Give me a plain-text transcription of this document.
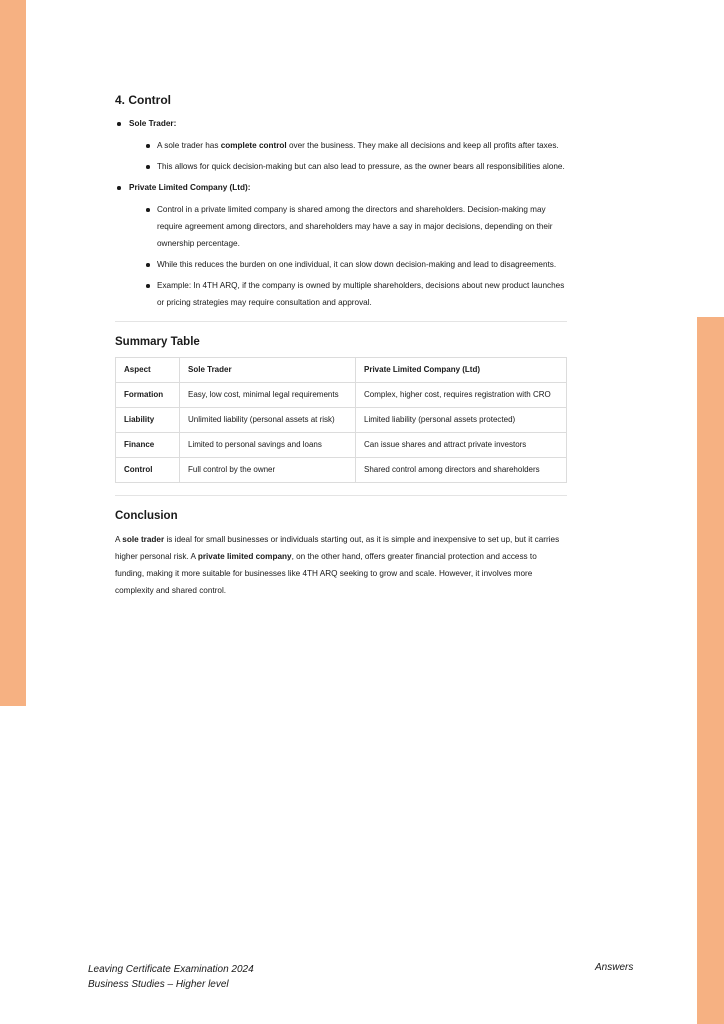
4. Control
Sole Trader:
A sole trader has complete control over the business. They make all decisions and keep all profits after taxes.
This allows for quick decision-making but can also lead to pressure, as the owner bears all responsibilities alone.
Private Limited Company (Ltd):
Control in a private limited company is shared among the directors and shareholders. Decision-making may require agreement among directors, and shareholders may have a say in major decisions, depending on their ownership percentage.
While this reduces the burden on one individual, it can slow down decision-making and lead to disagreements.
Example: In 4TH ARQ, if the company is owned by multiple shareholders, decisions about new product launches or pricing strategies may require consultation and approval.
Summary Table
Aspect	Sole Trader	Private Limited Company (Ltd)
Formation	Easy, low cost, minimal legal requirements	Complex, higher cost, requires registration with CRO
Liability	Unlimited liability (personal assets at risk)	Limited liability (personal assets protected)
Finance	Limited to personal savings and loans	Can issue shares and attract private investors
Control	Full control by the owner	Shared control among directors and shareholders
Conclusion

A sole trader is ideal for small businesses or individuals starting out, as it is simple and inexpensive to set up, but it carries higher personal risk. A private limited company, on the other hand, offers greater financial protection and access to funding, making it more suitable for businesses like 4TH ARQ seeking to grow and scale. However, it involves more complexity and shared control.

Leaving Certificate Examination 2024
Business Studies – Higher level
Answers
